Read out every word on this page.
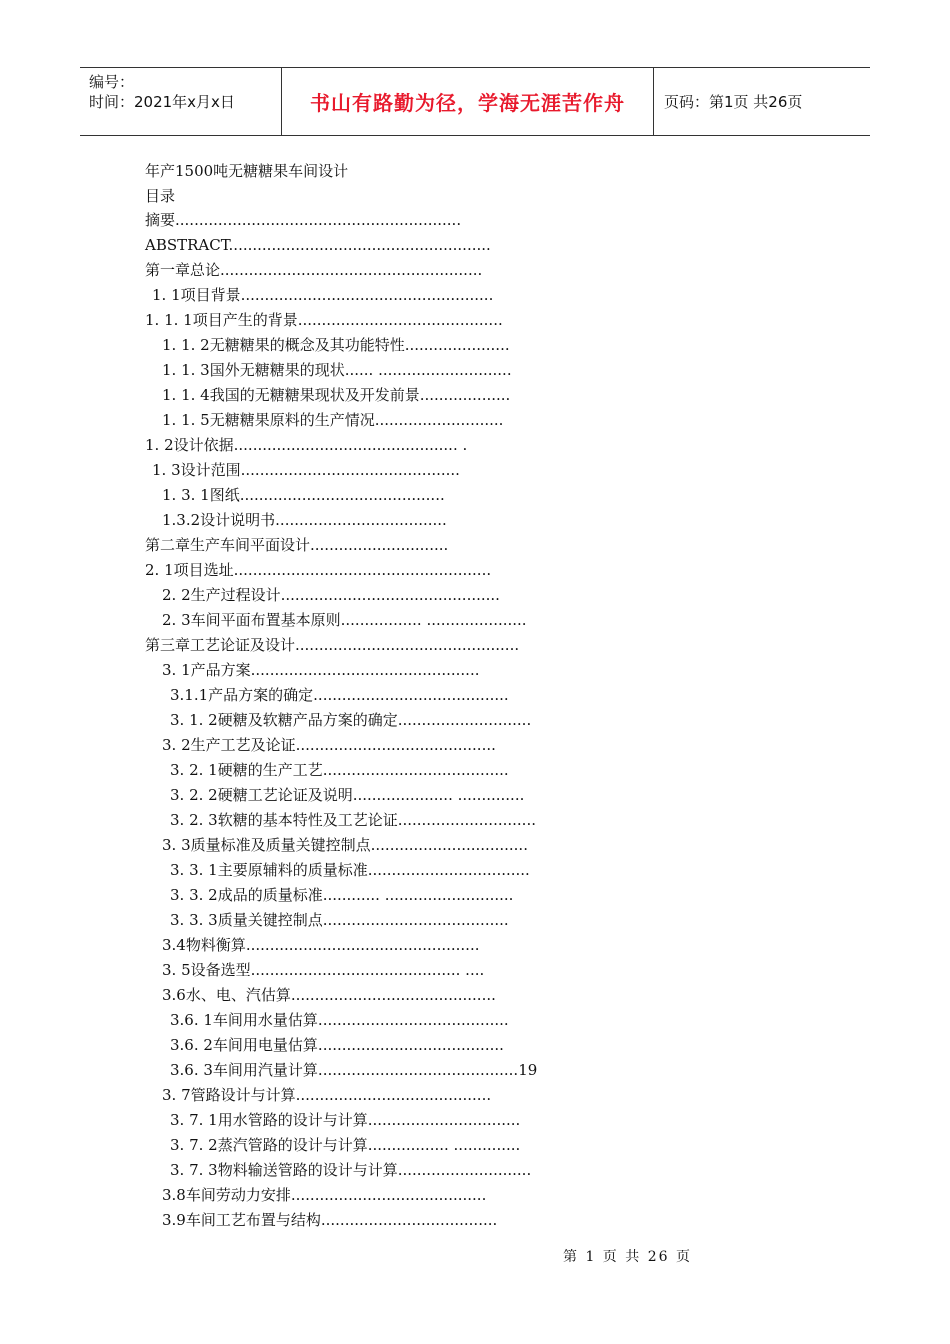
编号：
时间：2021年x月x日	书山有路勤为径，学海无涯苦作舟	页码：第1页 共26页
年产1500吨无糖糖果车间设计
目录
摘要............................................................
ABSTRACT.......................................................
第一章总论.......................................................
1. 1项目背景.....................................................
1. 1. 1项目产生的背景...........................................
1. 1. 2无糖糖果的概念及其功能特性......................
1. 1. 3国外无糖糖果的现状...... ............................
1. 1. 4我国的无糖糖果现状及开发前景...................
1. 1. 5无糖糖果原料的生产情况...........................
1. 2设计依据............................................... .
1. 3设计范围..............................................
1. 3. 1图纸...........................................
1.3.2设计说明书....................................
第二章生产车间平面设计.............................
2. 1项目选址......................................................
2. 2生产过程设计..............................................
2. 3车间平面布置基本原则................. .....................
第三章工艺论证及设计...............................................
3. 1产品方案................................................
3.1.1产品方案的确定.........................................
3. 1. 2硬糖及软糖产品方案的确定............................
3. 2生产工艺及论证..........................................
3. 2. 1硬糖的生产工艺.......................................
3. 2. 2硬糖工艺论证及说明..................... ..............
3. 2. 3软糖的基本特性及工艺论证.............................
3. 3质量标准及质量关键控制点.................................
3. 3. 1主要原辅料的质量标准..................................
3. 3. 2成品的质量标准............ ...........................
3. 3. 3质量关键控制点.......................................
3.4物料衡算.................................................
3. 5设备选型............................................ ....
3.6水、电、汽估算...........................................
3.6. 1车间用水量估算........................................
3.6. 2车间用电量估算.......................................
3.6. 3车间用汽量计算..........................................19
3. 7管路设计与计算.........................................
3. 7. 1用水管路的设计与计算................................
3. 7. 2蒸汽管路的设计与计算................. ..............
3. 7. 3物料输送管路的设计与计算............................
3.8车间劳动力安排.........................................
3.9车间工艺布置与结构.....................................
第 1 页 共 26 页
